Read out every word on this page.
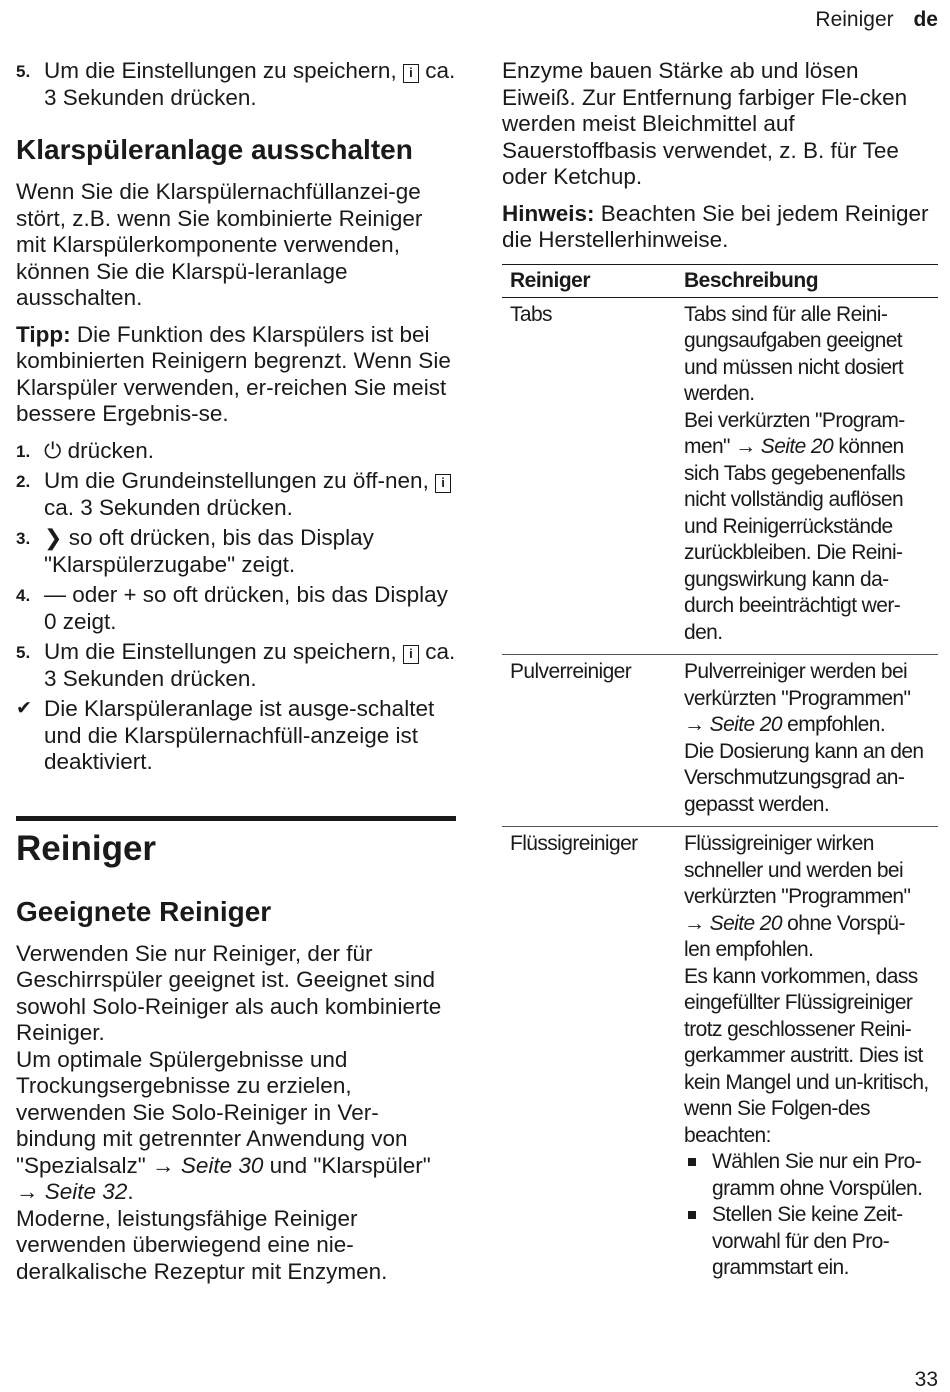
Reiniger de
5. Um die Einstellungen zu speichern, i ca. 3 Sekunden drücken.
Klarspüleranlage ausschalten

Wenn Sie die Klarspülernachfüllanzei-ge stört, z.B. wenn Sie kombinierte Reiniger mit Klarspülerkomponente verwenden, können Sie die Klarspü-leranlage ausschalten.

Tipp: Die Funktion des Klarspülers ist bei kombinierten Reinigern begrenzt. Wenn Sie Klarspüler verwenden, er-reichen Sie meist bessere Ergebnis-se.

1. ⏻ drücken.
2. Um die Grundeinstellungen zu öff-nen, i ca. 3 Sekunden drücken.
3. ❯ so oft drücken, bis das Display "Klarspülerzugabe" zeigt.
4. — oder + so oft drücken, bis das Display 0 zeigt.
5. Um die Einstellungen zu speichern, i ca. 3 Sekunden drücken.
✔ Die Klarspüleranlage ist ausge-schaltet und die Klarspülernachfüll-anzeige ist deaktiviert.
Reiniger
Geeignete Reiniger

Verwenden Sie nur Reiniger, der für Geschirrspüler geeignet ist. Geeignet sind sowohl Solo-Reiniger als auch kombinierte Reiniger.

Um optimale Spülergebnisse und Trockungsergebnisse zu erzielen, verwenden Sie Solo-Reiniger in Ver-bindung mit getrennter Anwendung von "Spezialsalz" → Seite 30 und "Klarspüler" → Seite 32.

Moderne, leistungsfähige Reiniger verwenden überwiegend eine nie-deralkalische Rezeptur mit Enzymen.

Enzyme bauen Stärke ab und lösen Eiweiß. Zur Entfernung farbiger Fle-cken werden meist Bleichmittel auf Sauerstoffbasis verwendet, z. B. für Tee oder Ketchup.

Hinweis: Beachten Sie bei jedem Reiniger die Herstellerhinweise.

Reiniger	Beschreibung
Tabs	Tabs sind für alle Reini-gungsaufgaben geeignet und müssen nicht dosiert werden.
Bei verkürzten "Program-men" → Seite 20 können sich Tabs gegebenenfalls nicht vollständig auflösen und Reinigerrückstände zurückbleiben. Die Reini-gungswirkung kann da-durch beeinträchtigt wer-den.

Pulverreiniger	Pulverreiniger werden bei verkürzten "Programmen" → Seite 20 empfohlen.
Die Dosierung kann an den Verschmutzungsgrad an-gepasst werden.

Flüssigreiniger	Flüssigreiniger wirken schneller und werden bei verkürzten "Programmen" → Seite 20 ohne Vorspü-len empfohlen.
Es kann vorkommen, dass eingefüllter Flüssigreiniger trotz geschlossener Reini-gerkammer austritt. Dies ist kein Mangel und un-kritisch, wenn Sie Folgen-des beachten:
Wählen Sie nur ein Pro-gramm ohne Vorspülen.
Stellen Sie keine Zeit-vorwahl für den Pro-grammstart ein.
33
